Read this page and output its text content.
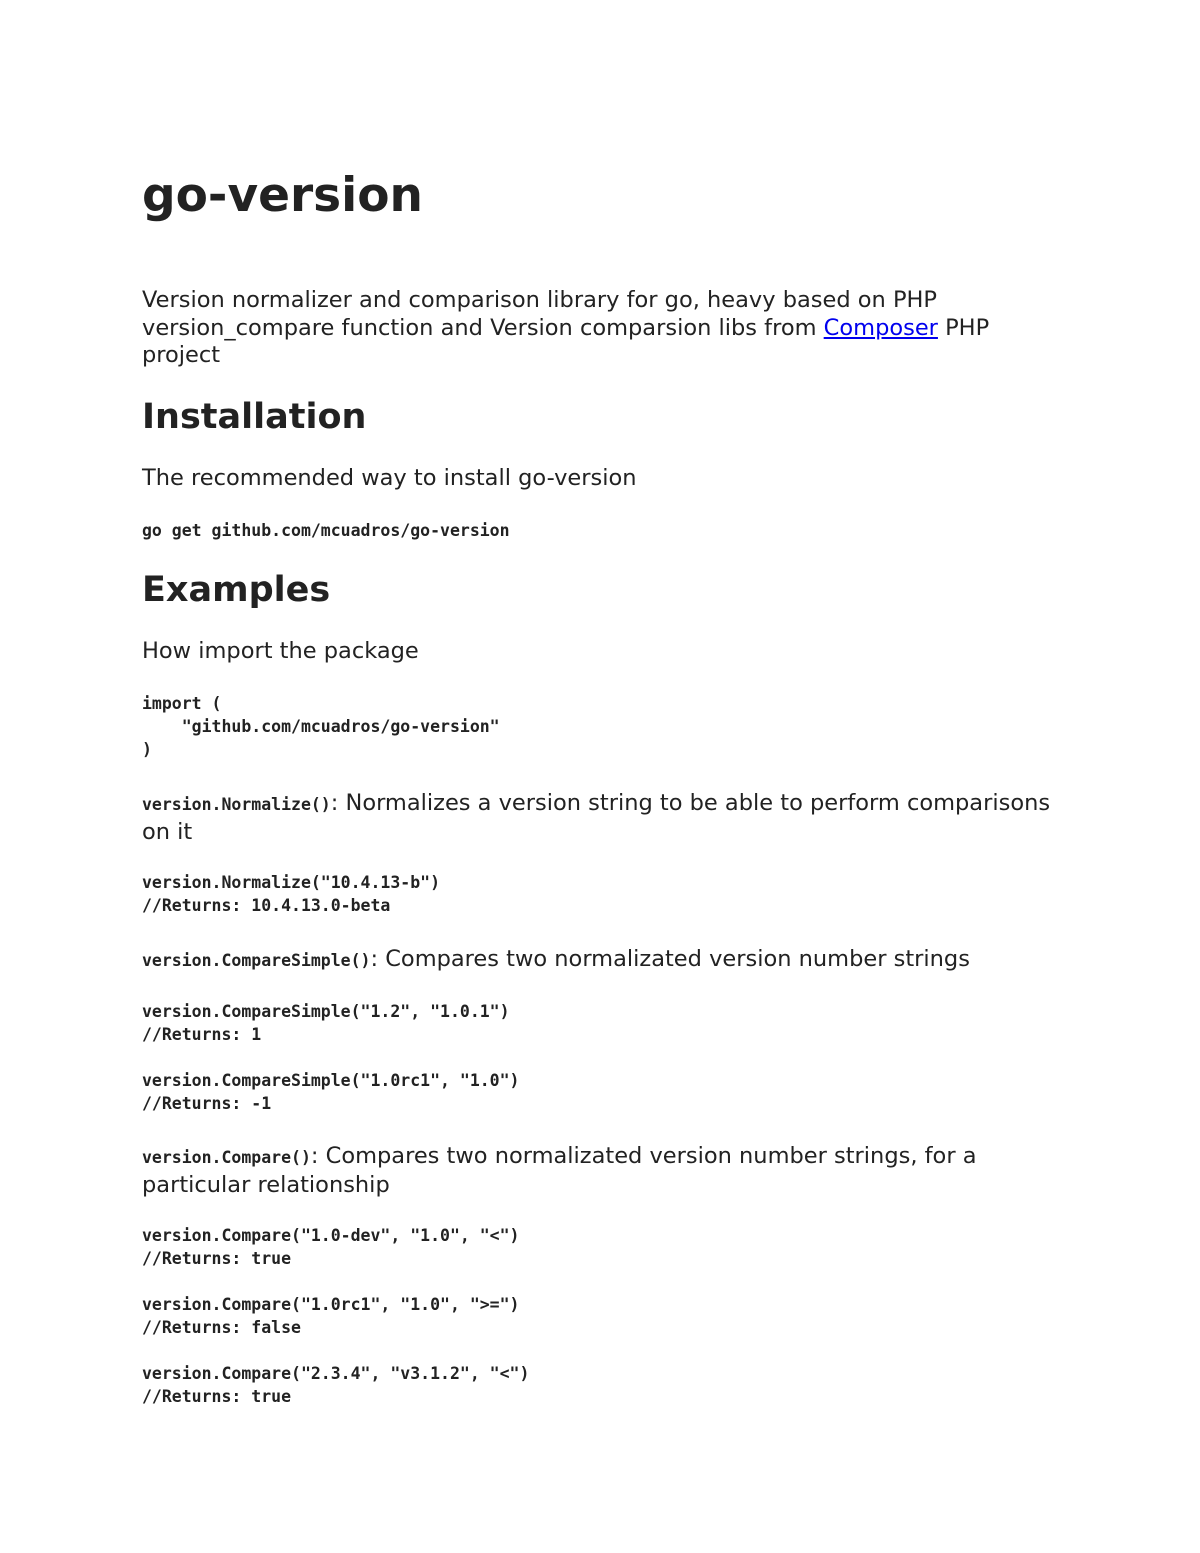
go-version

Version normalizer and comparison library for go, heavy based on PHP version_compare function and Version comparsion libs from Composer PHP project

Installation

The recommended way to install go-version

go get github.com/mcuadros/go-version
Examples

How import the package

import (
"github.com/mcuadros/go-version"
)

version.Normalize(): Normalizes a version string to be able to perform comparisons on it

version.Normalize("10.4.13-b")
//Returns: 10.4.13.0-beta

version.CompareSimple(): Compares two normalizated version number strings

version.CompareSimple("1.2", "1.0.1")
//Returns: 1
version.CompareSimple("1.0rc1", "1.0")
//Returns: -1

version.Compare(): Compares two normalizated version number strings, for a particular relationship

version.Compare("1.0-dev", "1.0", "<")
//Returns: true
version.Compare("1.0rc1", "1.0", ">=")
//Returns: false
version.Compare("2.3.4", "v3.1.2", "<")
//Returns: true
